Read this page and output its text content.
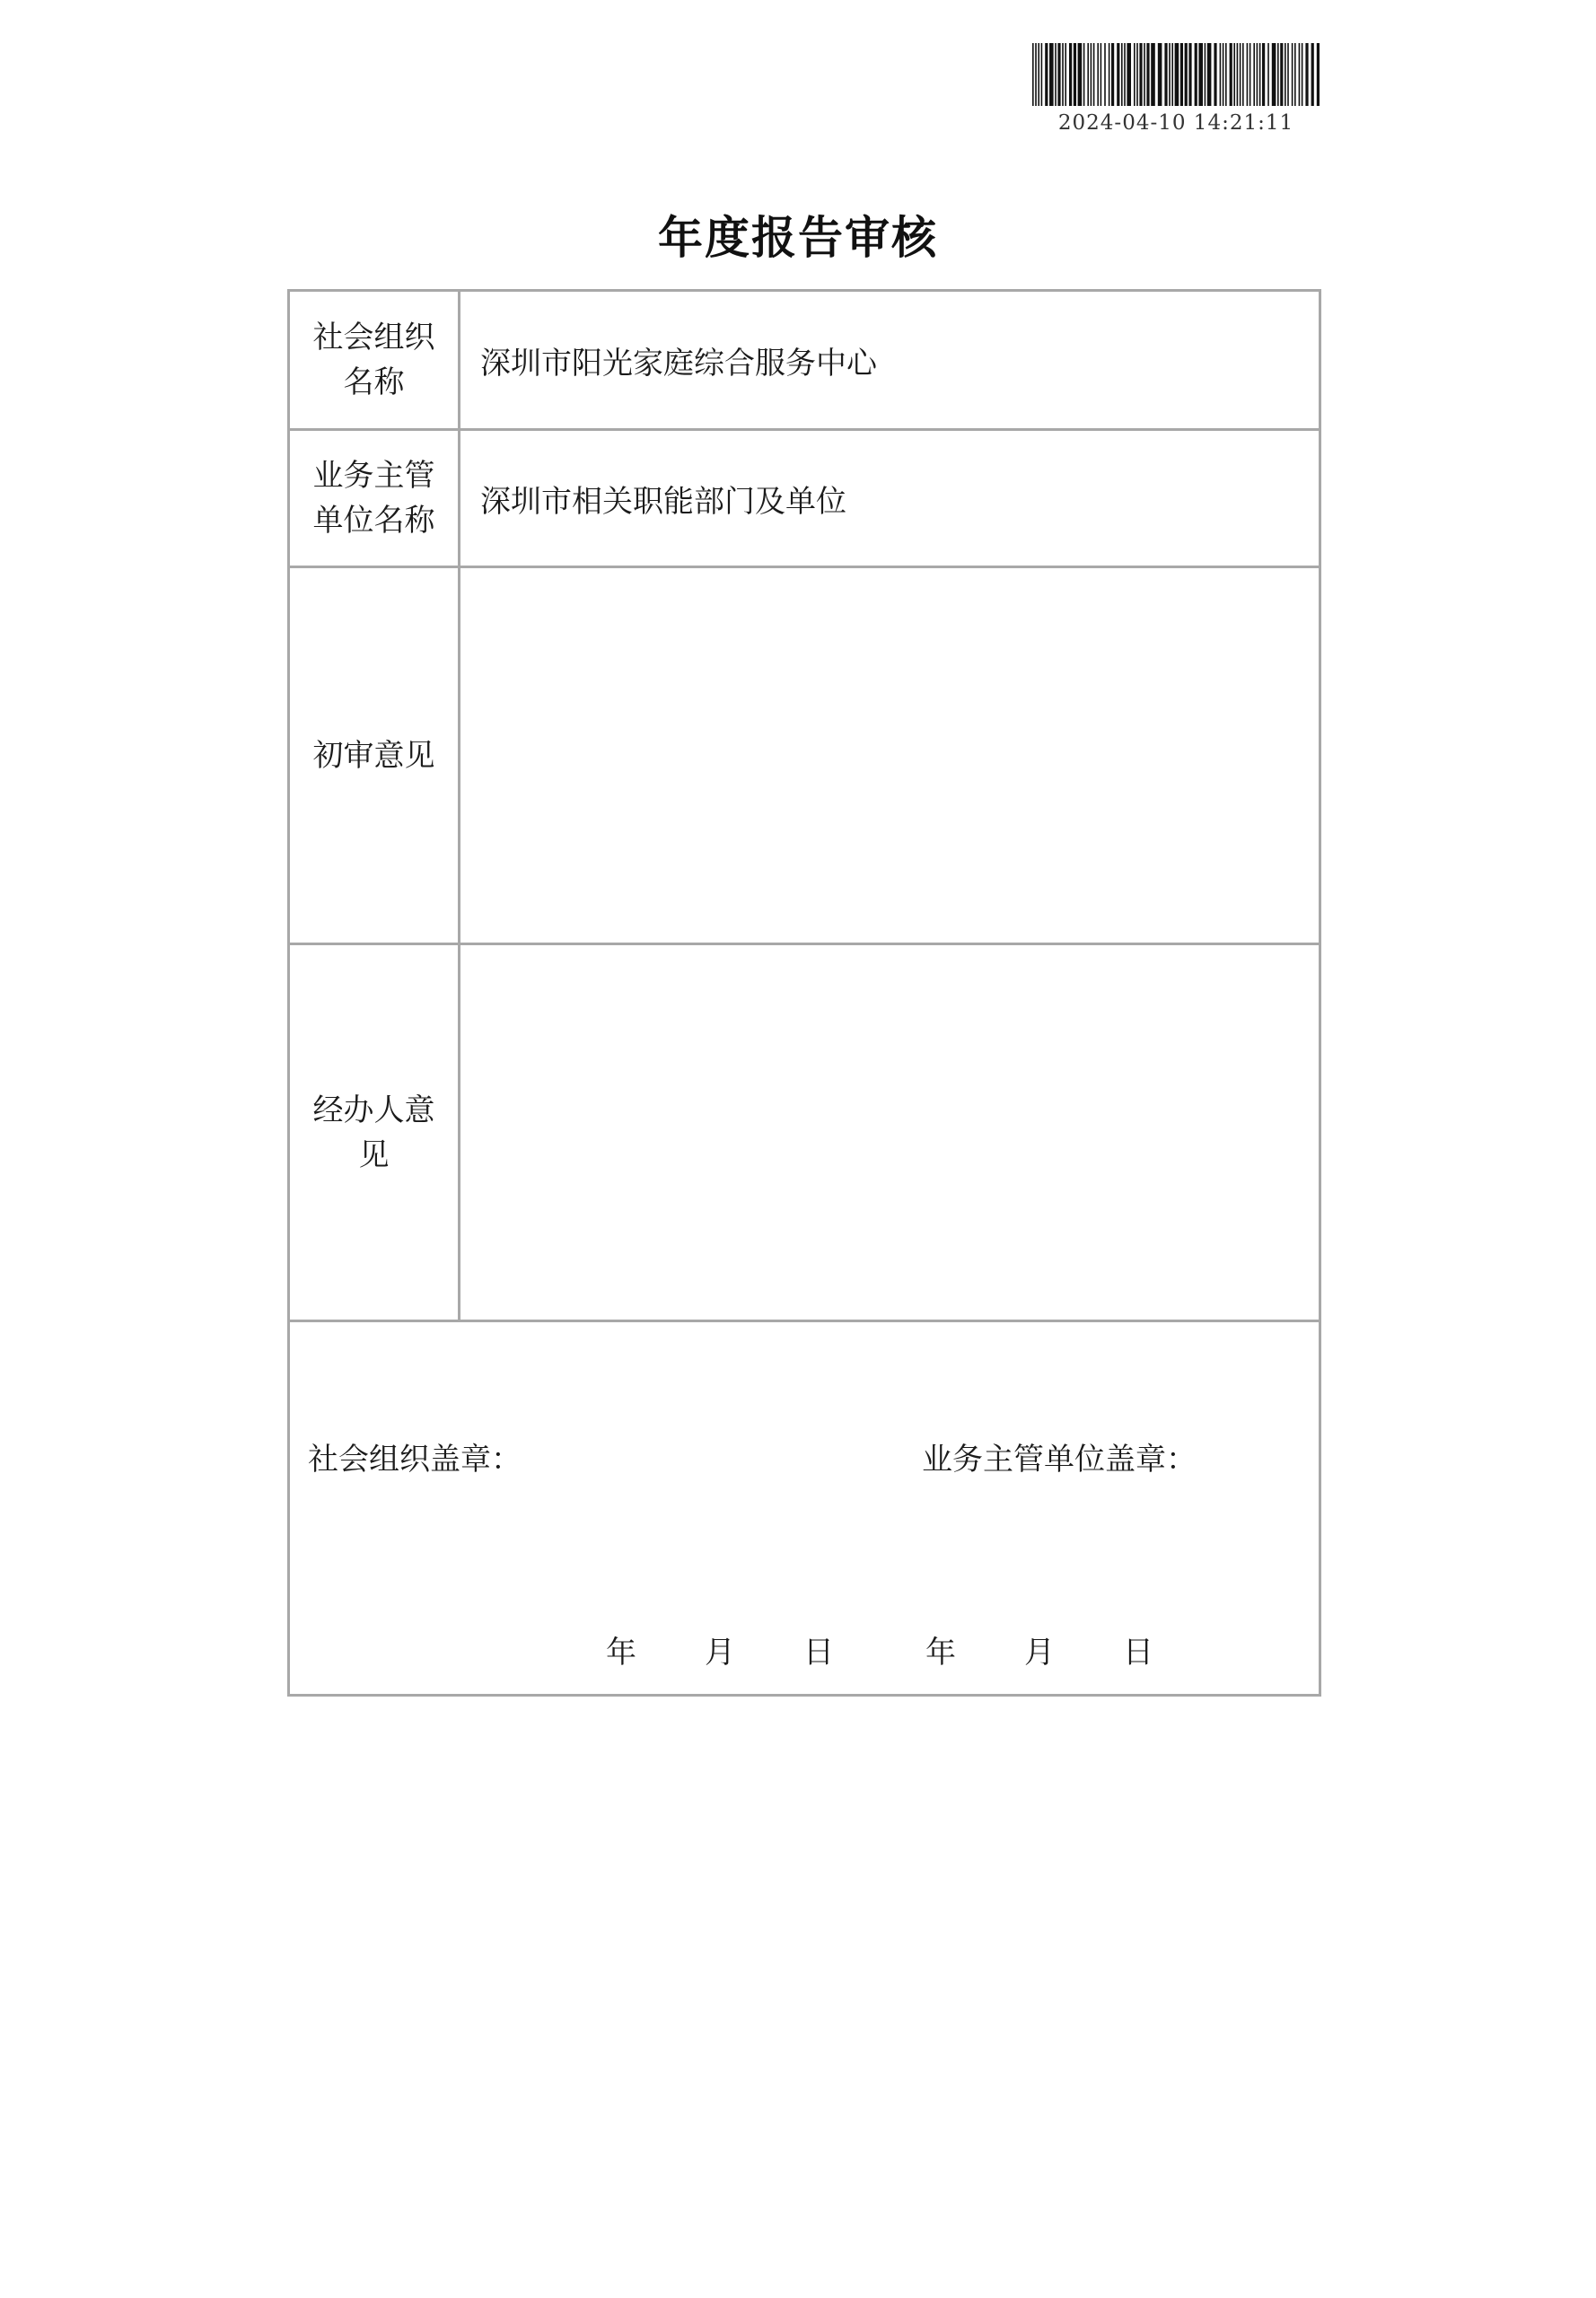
2024-04-10 14:21:11
年度报告审核
社会组织名称
深圳市阳光家庭综合服务中心
业务主管单位名称
深圳市相关职能部门及单位
初审意见
经办人意见
社会组织盖章：	业务主管单位盖章：
年 月 日	年 月 日
